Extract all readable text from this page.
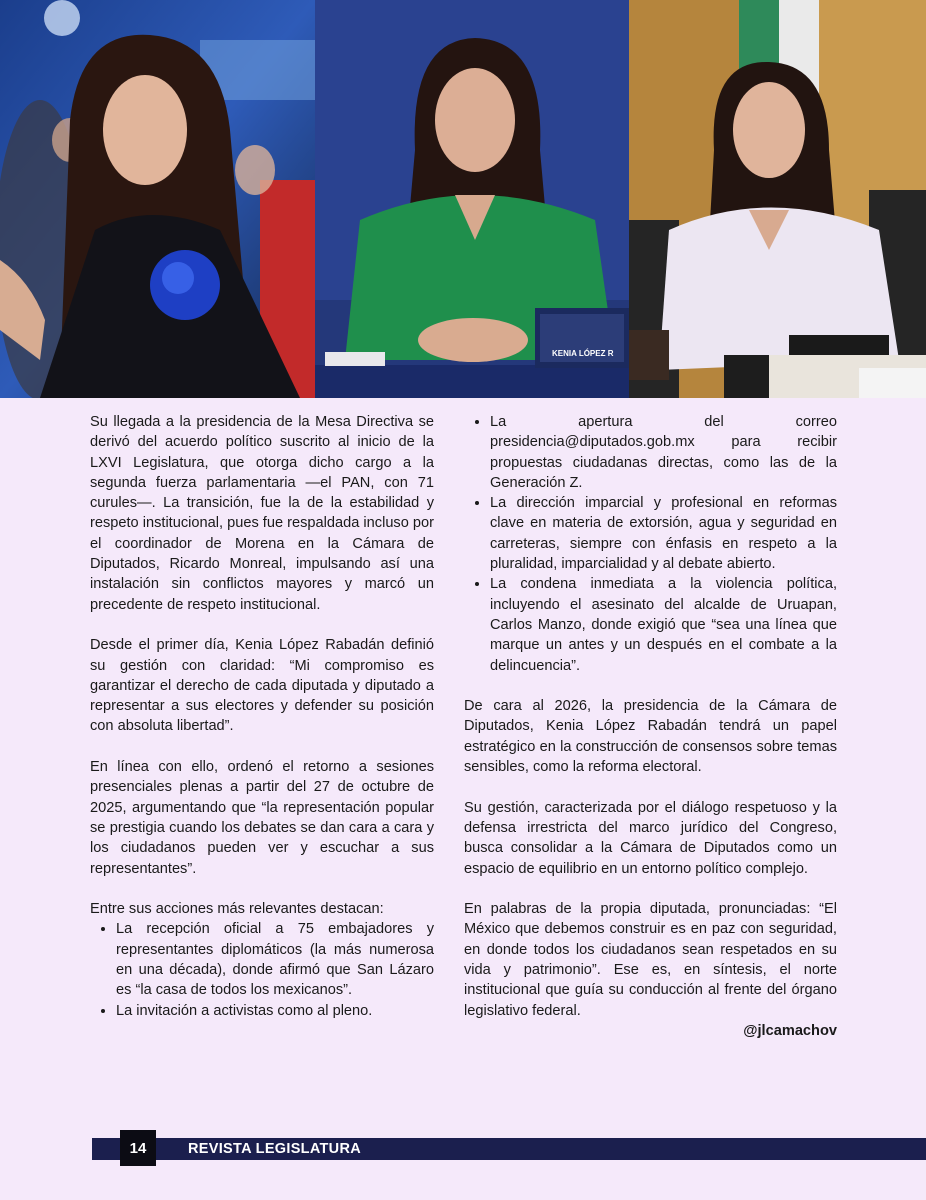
KENIA LÓPEZ R

Su llegada a la presidencia de la Mesa Directiva se derivó del acuerdo político suscrito al inicio de la LXVI Legislatura, que otorga dicho cargo a la segunda fuerza parlamentaria —el PAN, con 71 curules—. La transición, fue la de la estabilidad y respeto institucional, pues fue respaldada incluso por el coordinador de Morena en la Cámara de Diputados, Ricardo Monreal, impulsando así una instalación sin conflictos mayores y marcó un precedente de respeto institucional.

Desde el primer día, Kenia López Rabadán definió su gestión con claridad: “Mi compromiso es garantizar el derecho de cada diputada y diputado a representar a sus electores y defender su posición con absoluta libertad”.

En línea con ello, ordenó el retorno a sesiones presenciales plenas a partir del 27 de octubre de 2025, argumentando que “la representación popular se prestigia cuando los debates se dan cara a cara y los ciudadanos pueden ver y escuchar a sus representantes”.

Entre sus acciones más relevantes destacan:

• La recepción oficial a 75 embajadores y representantes diplomáticos (la más numerosa en una década), donde afirmó que San Lázaro es “la casa de todos los mexicanos”.
• La invitación a activistas como al pleno.
• La apertura del correo presidencia@diputados.gob.mx para recibir propuestas ciudadanas directas, como las de la Generación Z.
• La dirección imparcial y profesional en reformas clave en materia de extorsión, agua y seguridad en carreteras, siempre con énfasis en respeto a la pluralidad, imparcialidad y al debate abierto.
• La condena inmediata a la violencia política, incluyendo el asesinato del alcalde de Uruapan, Carlos Manzo, donde exigió que “sea una línea que marque un antes y un después en el combate a la delincuencia”.

De cara al 2026, la presidencia de la Cámara de Diputados, Kenia López Rabadán tendrá un papel estratégico en la construcción de consensos sobre temas sensibles, como la reforma electoral.

Su gestión, caracterizada por el diálogo respetuoso y la defensa irrestricta del marco jurídico del Congreso, busca consolidar a la Cámara de Diputados como un espacio de equilibrio en un entorno político complejo.

En palabras de la propia diputada, pronunciadas: “El México que debemos construir es en paz con seguridad, en donde todos los ciudadanos sean respetados en su vida y patrimonio”. Ese es, en síntesis, el norte institucional que guía su conducción al frente del órgano legislativo federal.

@jlcamachov
14	REVISTA LEGISLATURA
